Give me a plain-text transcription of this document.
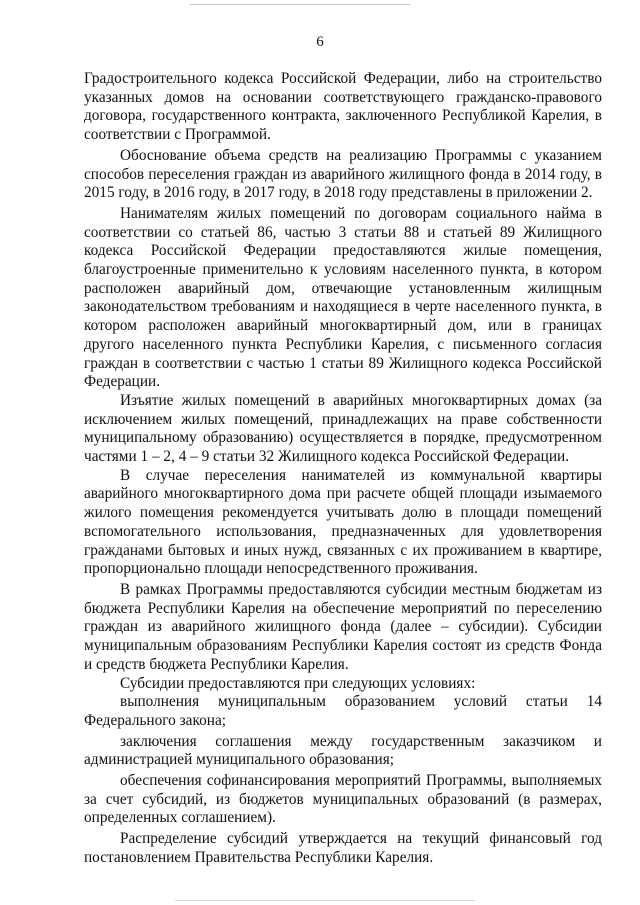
6

Градостроительного кодекса Российской Федерации, либо на строительство указанных домов на основании соответствующего гражданско-правового договора, государственного контракта, заключенного Республикой Карелия, в соответствии с Программой.

Обоснование объема средств на реализацию Программы с указанием способов переселения граждан из аварийного жилищного фонда в 2014 году, в 2015 году, в 2016 году, в 2017 году, в 2018 году представлены в приложении 2.

Нанимателям жилых помещений по договорам социального найма в соответствии со статьей 86, частью 3 статьи 88 и статьей 89 Жилищного кодекса Российской Федерации предоставляются жилые помещения, благоустроенные применительно к условиям населенного пункта, в котором расположен аварийный дом, отвечающие установленным жилищным законодательством требованиям и находящиеся в черте населенного пункта, в котором расположен аварийный многоквартирный дом, или в границах другого населенного пункта Республики Карелия, с письменного согласия граждан в соответствии с частью 1 статьи 89 Жилищного кодекса Российской Федерации.

Изъятие жилых помещений в аварийных многоквартирных домах (за исключением жилых помещений, принадлежащих на праве собственности муниципальному образованию) осуществляется в порядке, предусмотренном частями 1 – 2, 4 – 9 статьи 32 Жилищного кодекса Российской Федерации.

В случае переселения нанимателей из коммунальной квартиры аварийного многоквартирного дома при расчете общей площади изымаемого жилого помещения рекомендуется учитывать долю в площади помещений вспомогательного использования, предназначенных для удовлетворения гражданами бытовых и иных нужд, связанных с их проживанием в квартире, пропорционально площади непосредственного проживания.

В рамках Программы предоставляются субсидии местным бюджетам из бюджета Республики Карелия на обеспечение мероприятий по переселению граждан из аварийного жилищного фонда (далее – субсидии). Субсидии муниципальным образованиям Республики Карелия состоят из средств Фонда и средств бюджета Республики Карелия.

Субсидии предоставляются при следующих условиях:

выполнения муниципальным образованием условий статьи 14 Федерального закона;

заключения соглашения между государственным заказчиком и администрацией муниципального образования;

обеспечения софинансирования мероприятий Программы, выполняемых за счет субсидий, из бюджетов муниципальных образований (в размерах, определенных соглашением).

Распределение субсидий утверждается на текущий финансовый год постановлением Правительства Республики Карелия.
